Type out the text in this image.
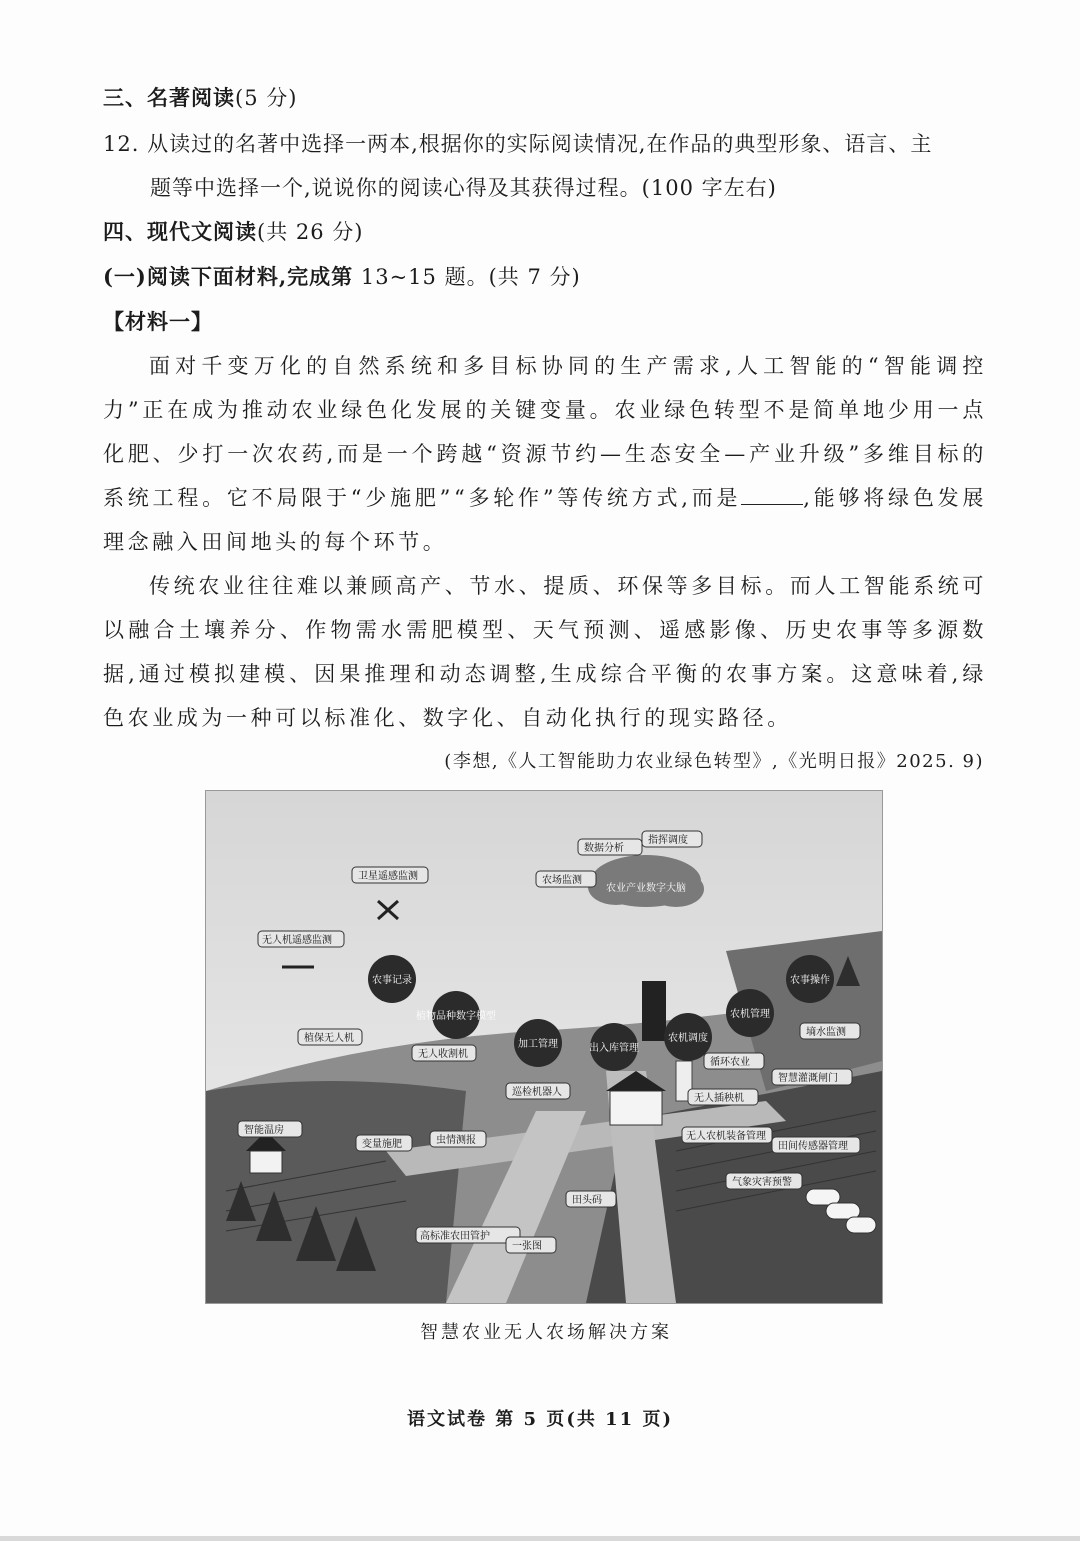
三、名著阅读(5 分)
12. 从读过的名著中选择一两本,根据你的实际阅读情况,在作品的典型形象、语言、主
题等中选择一个,说说你的阅读心得及其获得过程。(100 字左右)
四、现代文阅读(共 26 分)
(一)阅读下面材料,完成第 13~15 题。(共 7 分)
【材料一】
面对千变万化的自然系统和多目标协同的生产需求,人工智能的“智能调控力”正在成为推动农业绿色化发展的关键变量。农业绿色转型不是简单地少用一点化肥、少打一次农药,而是一个跨越“资源节约—生态安全—产业升级”多维目标的系统工程。它不局限于“少施肥”“多轮作”等传统方式,而是	,能够将绿色发展理念融入田间地头的每个环节。
传统农业往往难以兼顾高产、节水、提质、环保等多目标。而人工智能系统可以融合土壤养分、作物需水需肥模型、天气预测、遥感影像、历史农事等多源数据,通过模拟建模、因果推理和动态调整,生成综合平衡的农事方案。这意味着,绿色农业成为一种可以标准化、数字化、自动化执行的现实路径。
(李想,《人工智能助力农业绿色转型》,《光明日报》2025. 9)
农事记录
植物品种数字模型
加工管理	出入库管理
农机调度
农机管理
农事操作
农业产业数字大脑
数据分析
指挥调度
卫星遥感监测	农场监测
无人机遥感监测
植保无人机
无人收割机
巡检机器人
智能温房
变量施肥	虫情测报
无人插秧机
智慧灌溉闸门
田间传感器管理
气象灾害预警
无人农机装备管理
田头码
高标准农田管护
一张图
墒水监测
循环农业
智慧农业无人农场解决方案
语文试卷 第 5 页(共 11 页)
